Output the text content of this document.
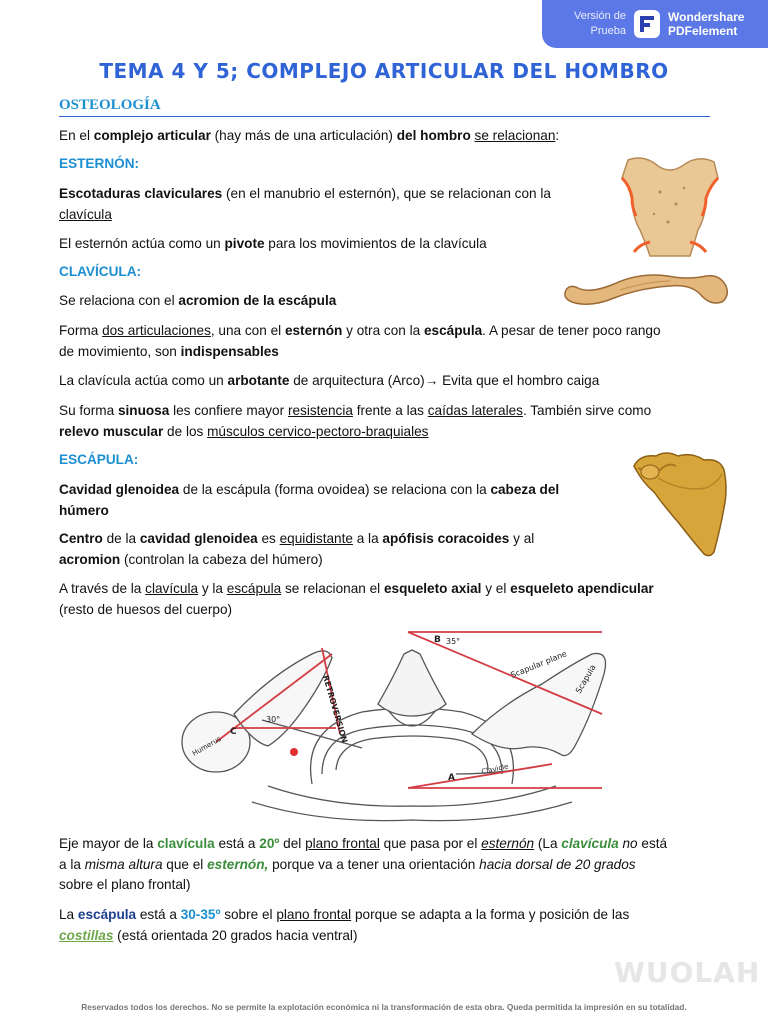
Versión de
Prueba
Wondershare
PDFelement
TEMA 4 Y 5; COMPLEJO ARTICULAR DEL HOMBRO
OSTEOLOGÍA
En el complejo articular (hay más de una articulación) del hombro se relacionan:
ESTERNÓN:
Escotaduras claviculares (en el manubrio el esternón), que se relacionan con la
clavícula
El esternón actúa como un pivote para los movimientos de la clavícula
CLAVÍCULA:
Se relaciona con el acromion de la escápula
Forma dos articulaciones, una con el esternón y otra con la escápula. A pesar de tener poco rango
de movimiento, son indispensables
La clavícula actúa como un arbotante de arquitectura (Arco)→ Evita que el hombro caiga
Su forma sinuosa les confiere mayor resistencia frente a las caídas laterales. También sirve como
relevo muscular de los músculos cervico-pectoro-braquiales
ESCÁPULA:
Cavidad glenoidea de la escápula (forma ovoidea) se relaciona con la cabeza del
húmero
Centro de la cavidad glenoidea es equidistante a la apófisis coracoides y al
acromion (controlan la cabeza del húmero)
A través de la clavícula y la escápula se relacionan el esqueleto axial y el esqueleto apendicular
(resto de huesos del cuerpo)
B 35°
A
C
30°	RETROVERSION
Scapular plane Scapula
Humerus
Clavicle
Eje mayor de la clavícula está a 20º del plano frontal que pasa por el esternón (La clavícula no está
a la misma altura que el esternón, porque va a tener una orientación hacia dorsal de 20 grados
sobre el plano frontal)
La escápula está a 30-35º sobre el plano frontal porque se adapta a la forma y posición de las
costillas (está orientada 20 grados hacia ventral)
WUOLAH
Reservados todos los derechos. No se permite la explotación económica ni la transformación de esta obra. Queda permitida la impresión en su totalidad.
